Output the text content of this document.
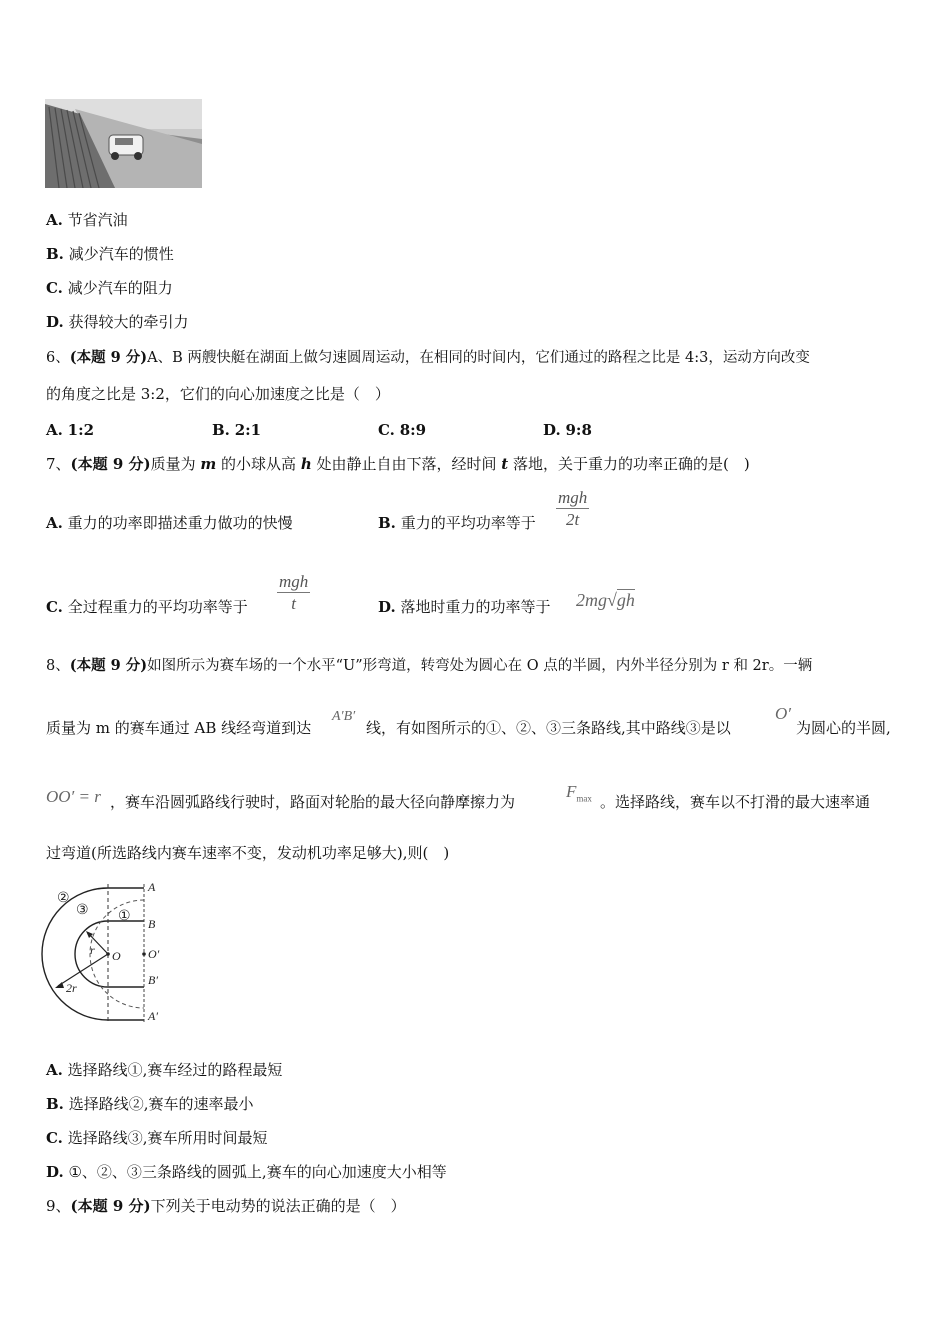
A. 节省汽油
B. 减少汽车的惯性
C. 减少汽车的阻力
D. 获得较大的牵引力
6、(本题 9 分)A、B 两艘快艇在湖面上做匀速圆周运动，在相同的时间内，它们通过的路程之比是 4:3，运动方向改变
的角度之比是 3:2，它们的向心加速度之比是（　）
A. 1:2	B. 2:1	C. 8:9	D. 9:8
7、(本题 9 分)质量为 m 的小球从高 h 处由静止自由下落，经时间 t 落地，关于重力的功率正确的是(　)
A. 重力的功率即描述重力做功的快慢	B. 重力的平均功率等于
mgh
2t
C. 全过程重力的平均功率等于
mgh
t	D. 落地时重力的功率等于 2mg√gh
8、(本题 9 分)如图所示为赛车场的一个水平“U”形弯道，转弯处为圆心在 O 点的半圆，内外半径分别为 r 和 2r。一辆
质量为 m 的赛车通过 AB 线经弯道到达
A′B′
线，有如图所示的①、②、③三条路线,其中路线③是以
O′
为圆心的半圆,
OO′ = r ，赛车沿圆弧路线行驶时，路面对轮胎的最大径向静摩擦力为
$F_{max}$ 。选择路线，赛车以不打滑的最大速率通
过弯道(所选路线内赛车速率不变，发动机功率足够大),则(　)
A
B
O′
B′
A′
O
r
2r
②
③ ①
A. 选择路线①,赛车经过的路程最短
B. 选择路线②,赛车的速率最小
C. 选择路线③,赛车所用时间最短
D. ①、②、③三条路线的圆弧上,赛车的向心加速度大小相等
9、(本题 9 分)下列关于电动势的说法正确的是（　）
